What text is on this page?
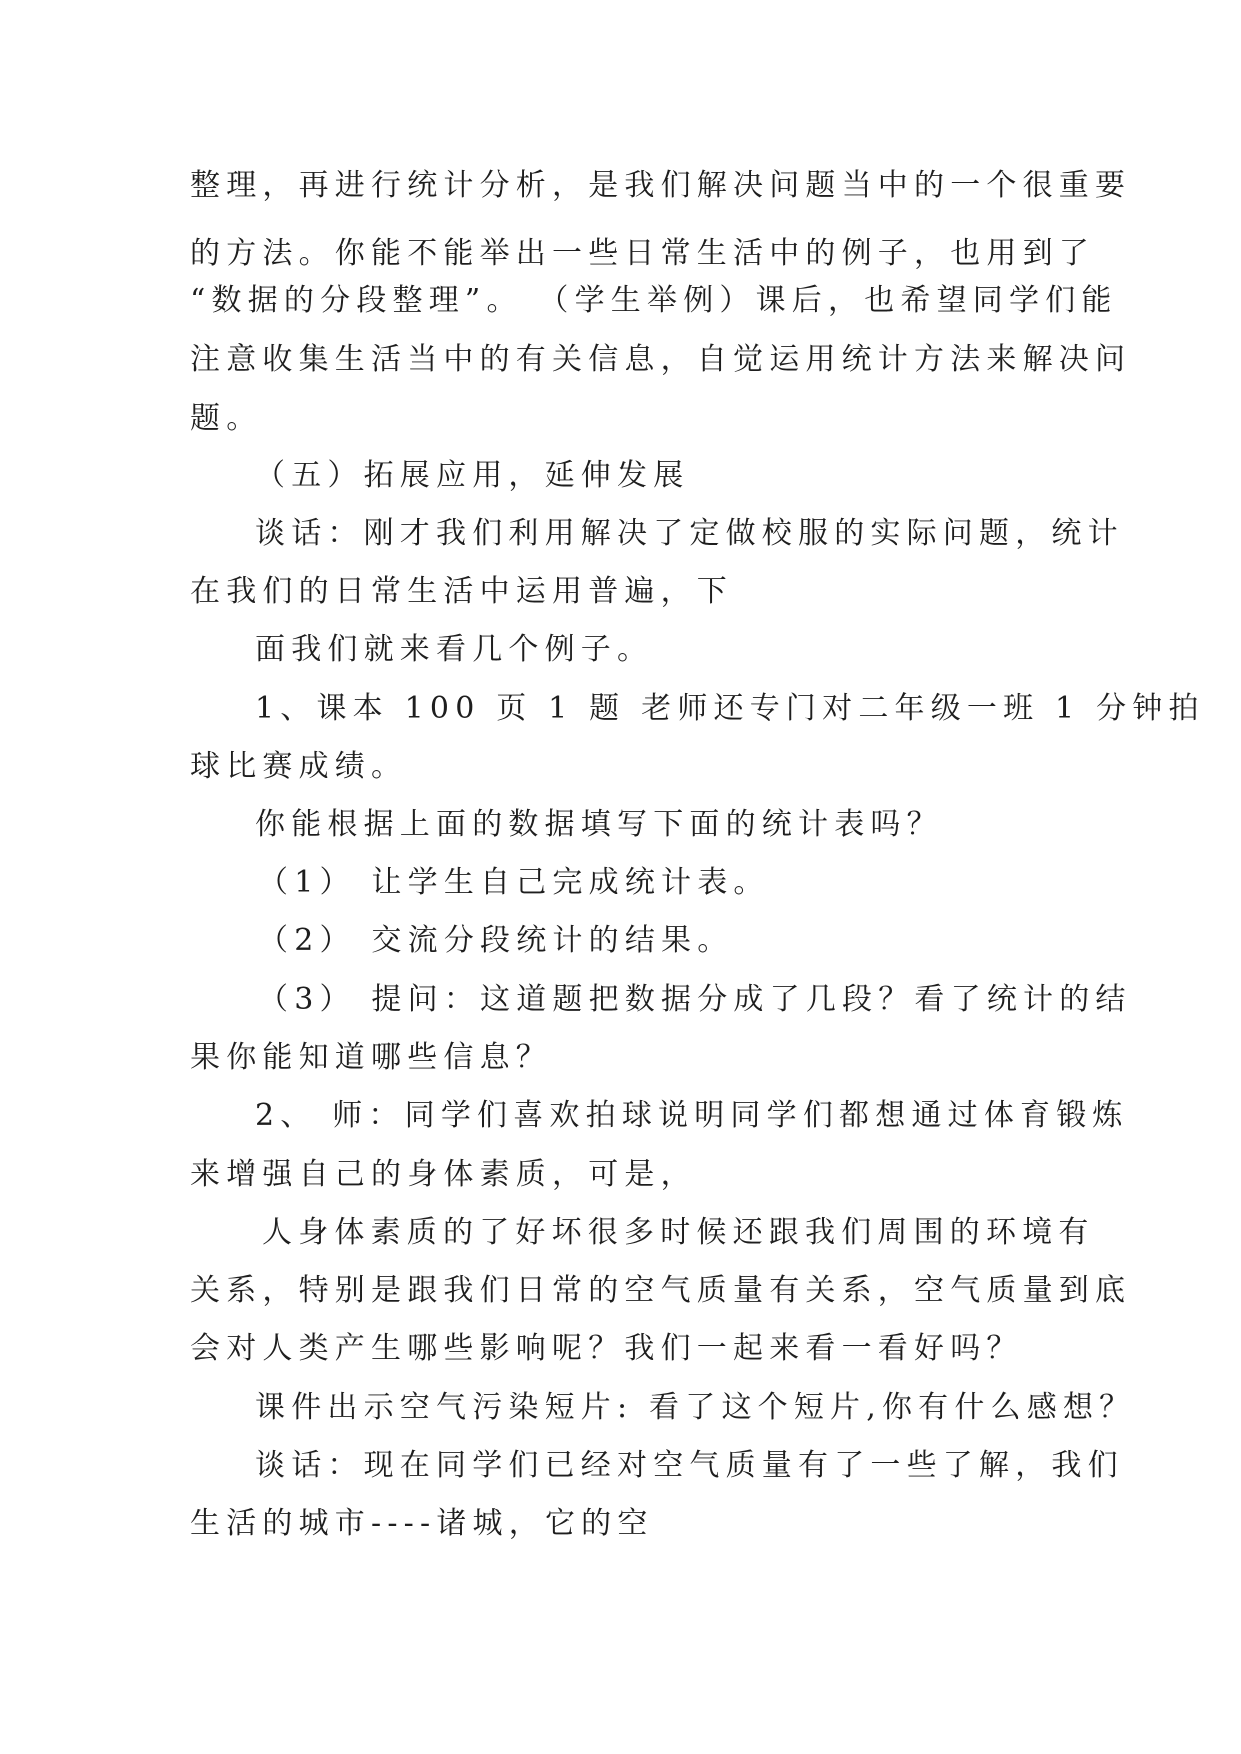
整理，再进行统计分析，是我们解决问题当中的一个很重要
的方法。你能不能举出一些日常生活中的例子，也用到了
“数据的分段整理”。 （学生举例）课后，也希望同学们能
注意收集生活当中的有关信息，自觉运用统计方法来解决问
题。
（五）拓展应用，延伸发展
谈话：刚才我们利用解决了定做校服的实际问题，统计
在我们的日常生活中运用普遍，下
面我们就来看几个例子。
1、课本 100 页 1 题 老师还专门对二年级一班 1 分钟拍
球比赛成绩。
你能根据上面的数据填写下面的统计表吗？
（1） 让学生自己完成统计表。
（2） 交流分段统计的结果。
（3） 提问：这道题把数据分成了几段？看了统计的结
果你能知道哪些信息？
2、 师：同学们喜欢拍球说明同学们都想通过体育锻炼
来增强自己的身体素质，可是，
人身体素质的了好坏很多时候还跟我们周围的环境有
关系，特别是跟我们日常的空气质量有关系，空气质量到底
会对人类产生哪些影响呢？我们一起来看一看好吗？
课件出示空气污染短片: 看了这个短片,你有什么感想？
谈话：现在同学们已经对空气质量有了一些了解，我们
生活的城市----诸城，它的空
